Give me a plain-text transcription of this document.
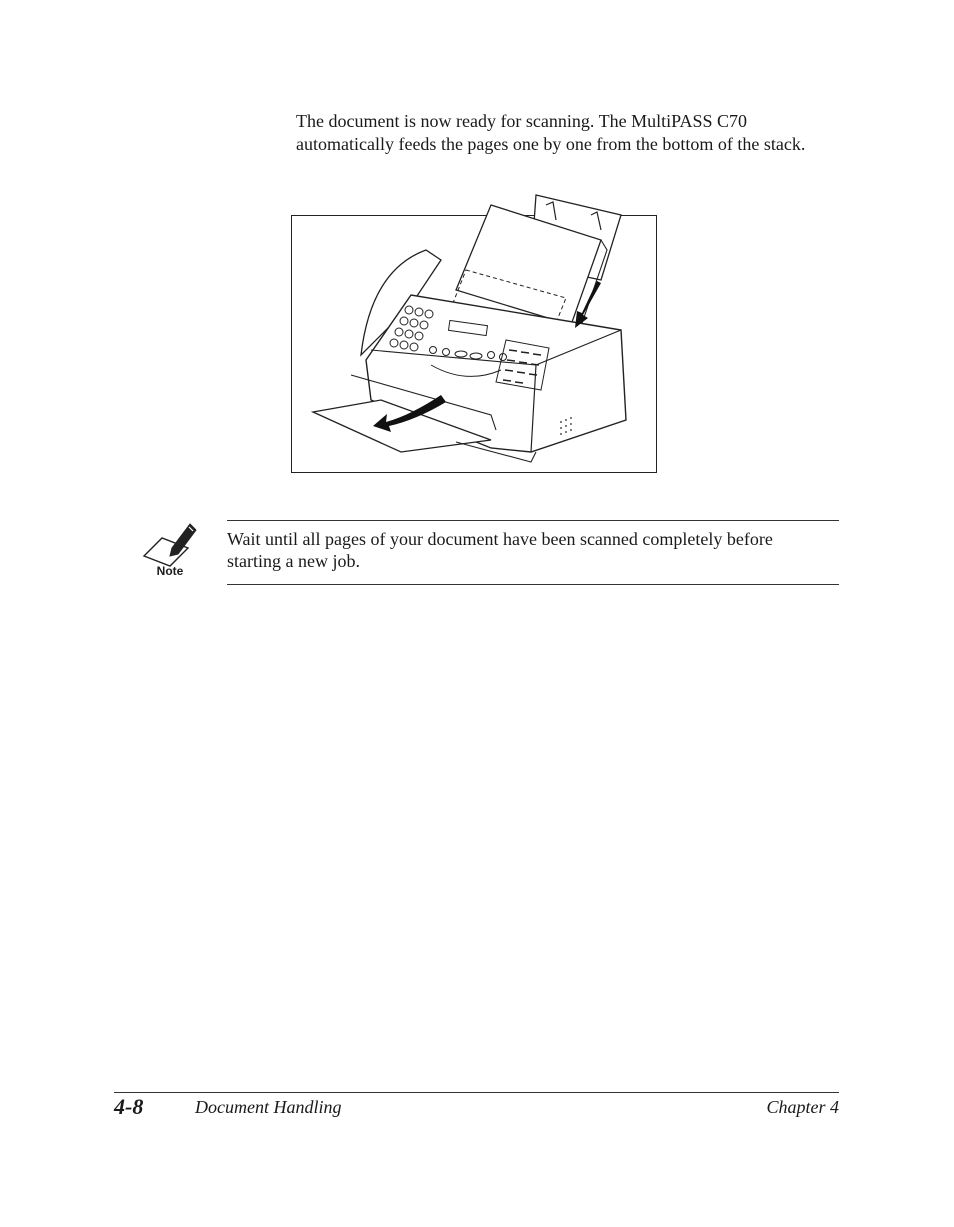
The document is now ready for scanning. The MultiPASS C70 automatically feeds the pages one by one from the bottom of the stack.

Note

Wait until all pages of your document have been scanned completely before starting a new job.

4-8	Document Handling	Chapter 4
